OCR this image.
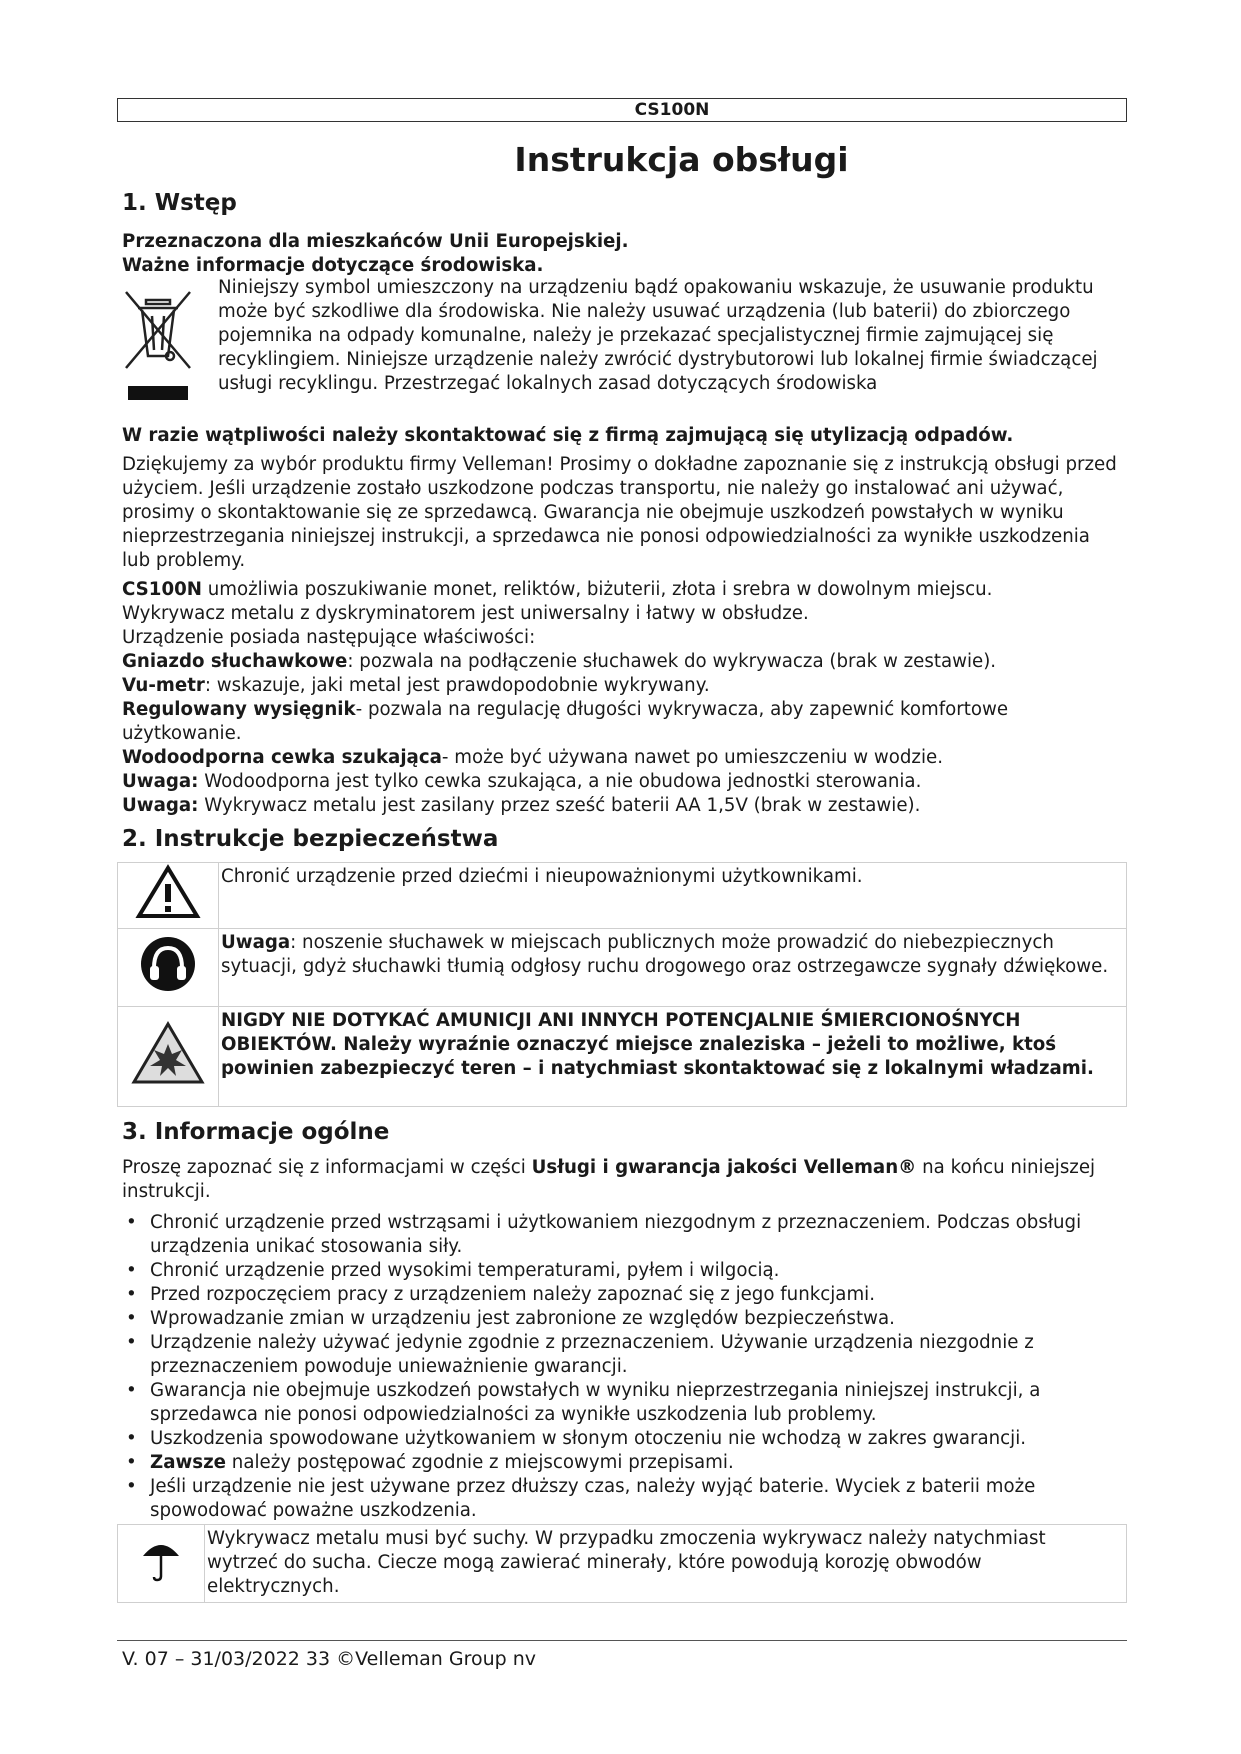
CS100N
Instrukcja obsługi
1. Wstęp

Przeznaczona dla mieszkańców Unii Europejskiej.

Ważne informacje dotyczące środowiska.

Niniejszy symbol umieszczony na urządzeniu bądź opakowaniu wskazuje, że usuwanie produktu może być szkodliwe dla środowiska. Nie należy usuwać urządzenia (lub baterii) do zbiorczego pojemnika na odpady komunalne, należy je przekazać specjalistycznej firmie zajmującej się recyklingiem. Niniejsze urządzenie należy zwrócić dystrybutorowi lub lokalnej firmie świadczącej usługi recyklingu. Przestrzegać lokalnych zasad dotyczących środowiska

W razie wątpliwości należy skontaktować się z firmą zajmującą się utylizacją odpadów.

Dziękujemy za wybór produktu firmy Velleman! Prosimy o dokładne zapoznanie się z instrukcją obsługi przed użyciem. Jeśli urządzenie zostało uszkodzone podczas transportu, nie należy go instalować ani używać, prosimy o skontaktowanie się ze sprzedawcą. Gwarancja nie obejmuje uszkodzeń powstałych w wyniku nieprzestrzegania niniejszej instrukcji, a sprzedawca nie ponosi odpowiedzialności za wynikłe uszkodzenia lub problemy.

CS100N umożliwia poszukiwanie monet, reliktów, biżuterii, złota i srebra w dowolnym miejscu.

Wykrywacz metalu z dyskryminatorem jest uniwersalny i łatwy w obsłudze.

Urządzenie posiada następujące właściwości:

Gniazdo słuchawkowe: pozwala na podłączenie słuchawek do wykrywacza (brak w zestawie).

Vu-metr: wskazuje, jaki metal jest prawdopodobnie wykrywany.

Regulowany wysięgnik- pozwala na regulację długości wykrywacza, aby zapewnić komfortowe użytkowanie.

Wodoodporna cewka szukająca- może być używana nawet po umieszczeniu w wodzie.

Uwaga: Wodoodporna jest tylko cewka szukająca, a nie obudowa jednostki sterowania.

Uwaga: Wykrywacz metalu jest zasilany przez sześć baterii AA 1,5V (brak w zestawie).

2. Instrukcje bezpieczeństwa
	Chronić urządzenie przed dziećmi i nieupoważnionymi użytkownikami.
	Uwaga: noszenie słuchawek w miejscach publicznych może prowadzić do niebezpiecznych sytuacji, gdyż słuchawki tłumią odgłosy ruchu drogowego oraz ostrzegawcze sygnały dźwiękowe.
	NIGDY NIE DOTYKAĆ AMUNICJI ANI INNYCH POTENCJALNIE ŚMIERCIONOŚNYCH OBIEKTÓW. Należy wyraźnie oznaczyć miejsce znaleziska – jeżeli to możliwe, ktoś powinien zabezpieczyć teren – i natychmiast skontaktować się z lokalnymi władzami.
3. Informacje ogólne

Proszę zapoznać się z informacjami w części Usługi i gwarancja jakości Velleman® na końcu niniejszej instrukcji.

• Chronić urządzenie przed wstrząsami i użytkowaniem niezgodnym z przeznaczeniem. Podczas obsługi urządzenia unikać stosowania siły.
• Chronić urządzenie przed wysokimi temperaturami, pyłem i wilgocią.
• Przed rozpoczęciem pracy z urządzeniem należy zapoznać się z jego funkcjami.
• Wprowadzanie zmian w urządzeniu jest zabronione ze względów bezpieczeństwa.
• Urządzenie należy używać jedynie zgodnie z przeznaczeniem. Używanie urządzenia niezgodnie z przeznaczeniem powoduje unieważnienie gwarancji.
• Gwarancja nie obejmuje uszkodzeń powstałych w wyniku nieprzestrzegania niniejszej instrukcji, a sprzedawca nie ponosi odpowiedzialności za wynikłe uszkodzenia lub problemy.
• Uszkodzenia spowodowane użytkowaniem w słonym otoczeniu nie wchodzą w zakres gwarancji.
• Zawsze należy postępować zgodnie z miejscowymi przepisami.
• Jeśli urządzenie nie jest używane przez dłuższy czas, należy wyjąć baterie. Wyciek z baterii może spowodować poważne uszkodzenia.
	Wykrywacz metalu musi być suchy. W przypadku zmoczenia wykrywacz należy natychmiast wytrzeć do sucha. Ciecze mogą zawierać minerały, które powodują korozję obwodów elektrycznych.
V. 07 – 31/03/2022 33 ©Velleman Group nv
